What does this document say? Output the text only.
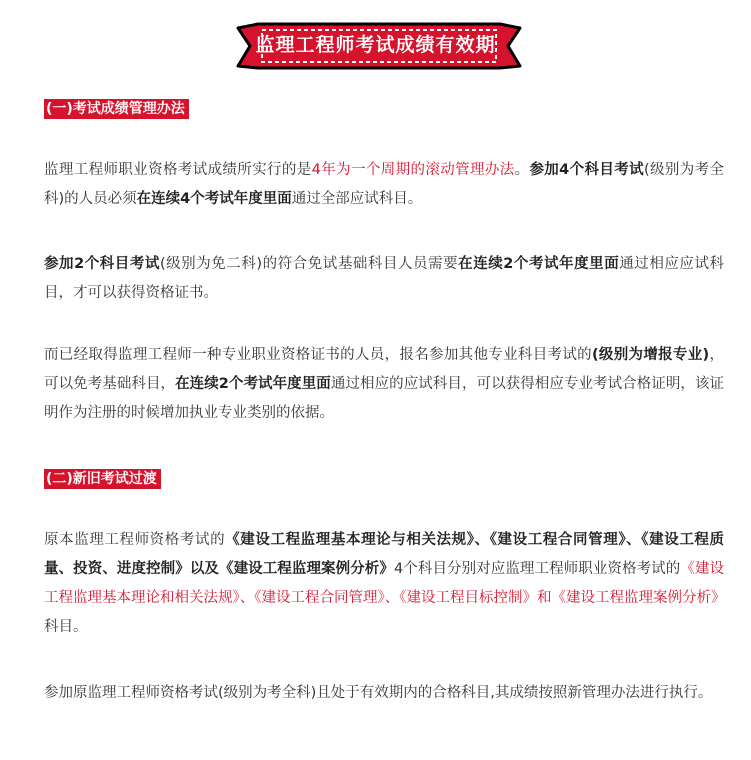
监理工程师考试成绩有效期
(一)考试成绩管理办法

监理工程师职业资格考试成绩所实行的是4年为一个周期的滚动管理办法。参加4个科目考试(级别为考全科)的人员必须在连续4个考试年度里面通过全部应试科目。

参加2个科目考试(级别为免二科)的符合免试基础科目人员需要在连续2个考试年度里面通过相应应试科目，才可以获得资格证书。

而已经取得监理工程师一种专业职业资格证书的人员，报名参加其他专业科目考试的(级别为增报专业)，可以免考基础科目，在连续2个考试年度里面通过相应的应试科目，可以获得相应专业考试合格证明，该证明作为注册的时候增加执业专业类别的依据。

(二)新旧考试过渡

原本监理工程师资格考试的《建设工程监理基本理论与相关法规》、《建设工程合同管理》、《建设工程质量、投资、进度控制》以及《建设工程监理案例分析》4个科目分别对应监理工程师职业资格考试的《建设工程监理基本理论和相关法规》、《建设工程合同管理》、《建设工程目标控制》和《建设工程监理案例分析》科目。

参加原监理工程师资格考试(级别为考全科)且处于有效期内的合格科目,其成绩按照新管理办法进行执行。
